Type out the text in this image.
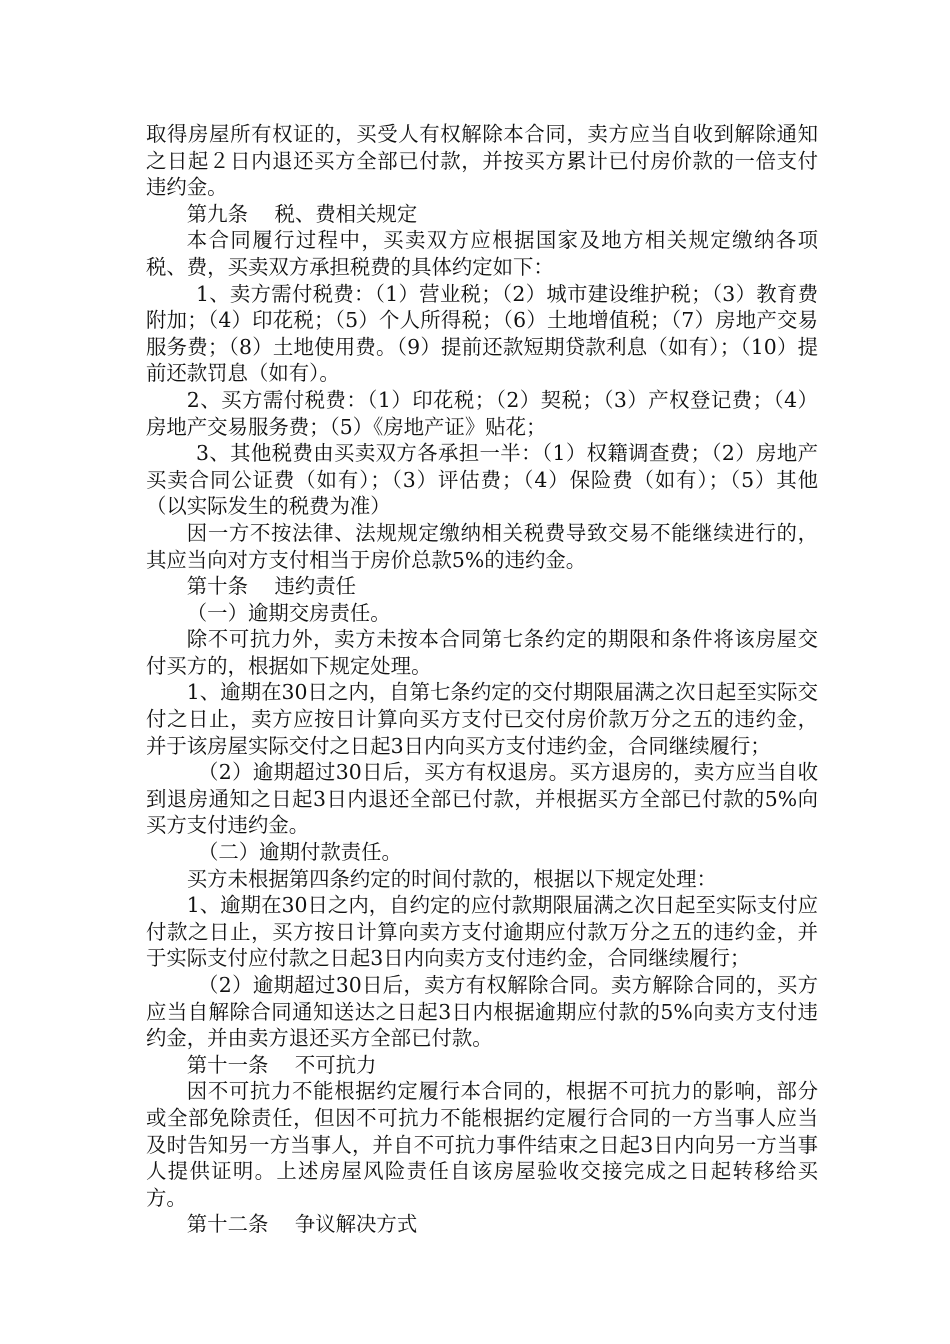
取得房屋所有权证的，买受人有权解除本合同，卖方应当自收到解除通知之日起２日内退还买方全部已付款，并按买方累计已付房价款的一倍支付违约金。

第九条 税、费相关规定

本合同履行过程中，买卖双方应根据国家及地方相关规定缴纳各项税、费，买卖双方承担税费的具体约定如下：

1、卖方需付税费：（1）营业税；（2）城市建设维护税；（3）教育费附加；（4）印花税；（5）个人所得税；（6）土地增值税；（7）房地产交易服务费；（8）土地使用费。（9）提前还款短期贷款利息（如有）；（10）提前还款罚息（如有）。

2、买方需付税费：（1）印花税；（2）契税；（3）产权登记费；（4）房地产交易服务费；（5）《房地产证》贴花；

3、其他税费由买卖双方各承担一半：（1）权籍调查费；（2）房地产买卖合同公证费（如有）；（3）评估费；（4）保险费（如有）；（5）其他（以实际发生的税费为准）

因一方不按法律、法规规定缴纳相关税费导致交易不能继续进行的，其应当向对方支付相当于房价总款5%的违约金。

第十条 违约责任

（一）逾期交房责任。

除不可抗力外，卖方未按本合同第七条约定的期限和条件将该房屋交付买方的，根据如下规定处理。

1、逾期在30日之内，自第七条约定的交付期限届满之次日起至实际交付之日止，卖方应按日计算向买方支付已交付房价款万分之五的违约金，并于该房屋实际交付之日起3日内向买方支付违约金，合同继续履行；

（2）逾期超过30日后，买方有权退房。买方退房的，卖方应当自收到退房通知之日起3日内退还全部已付款，并根据买方全部已付款的5%向买方支付违约金。

（二）逾期付款责任。

买方未根据第四条约定的时间付款的，根据以下规定处理：

1、逾期在30日之内，自约定的应付款期限届满之次日起至实际支付应付款之日止，买方按日计算向卖方支付逾期应付款万分之五的违约金，并于实际支付应付款之日起3日内向卖方支付违约金，合同继续履行；

（2）逾期超过30日后，卖方有权解除合同。卖方解除合同的，买方应当自解除合同通知送达之日起3日内根据逾期应付款的5%向卖方支付违约金，并由卖方退还买方全部已付款。

第十一条 不可抗力

因不可抗力不能根据约定履行本合同的，根据不可抗力的影响，部分或全部免除责任，但因不可抗力不能根据约定履行合同的一方当事人应当及时告知另一方当事人，并自不可抗力事件结束之日起3日内向另一方当事人提供证明。上述房屋风险责任自该房屋验收交接完成之日起转移给买方。

第十二条 争议解决方式
